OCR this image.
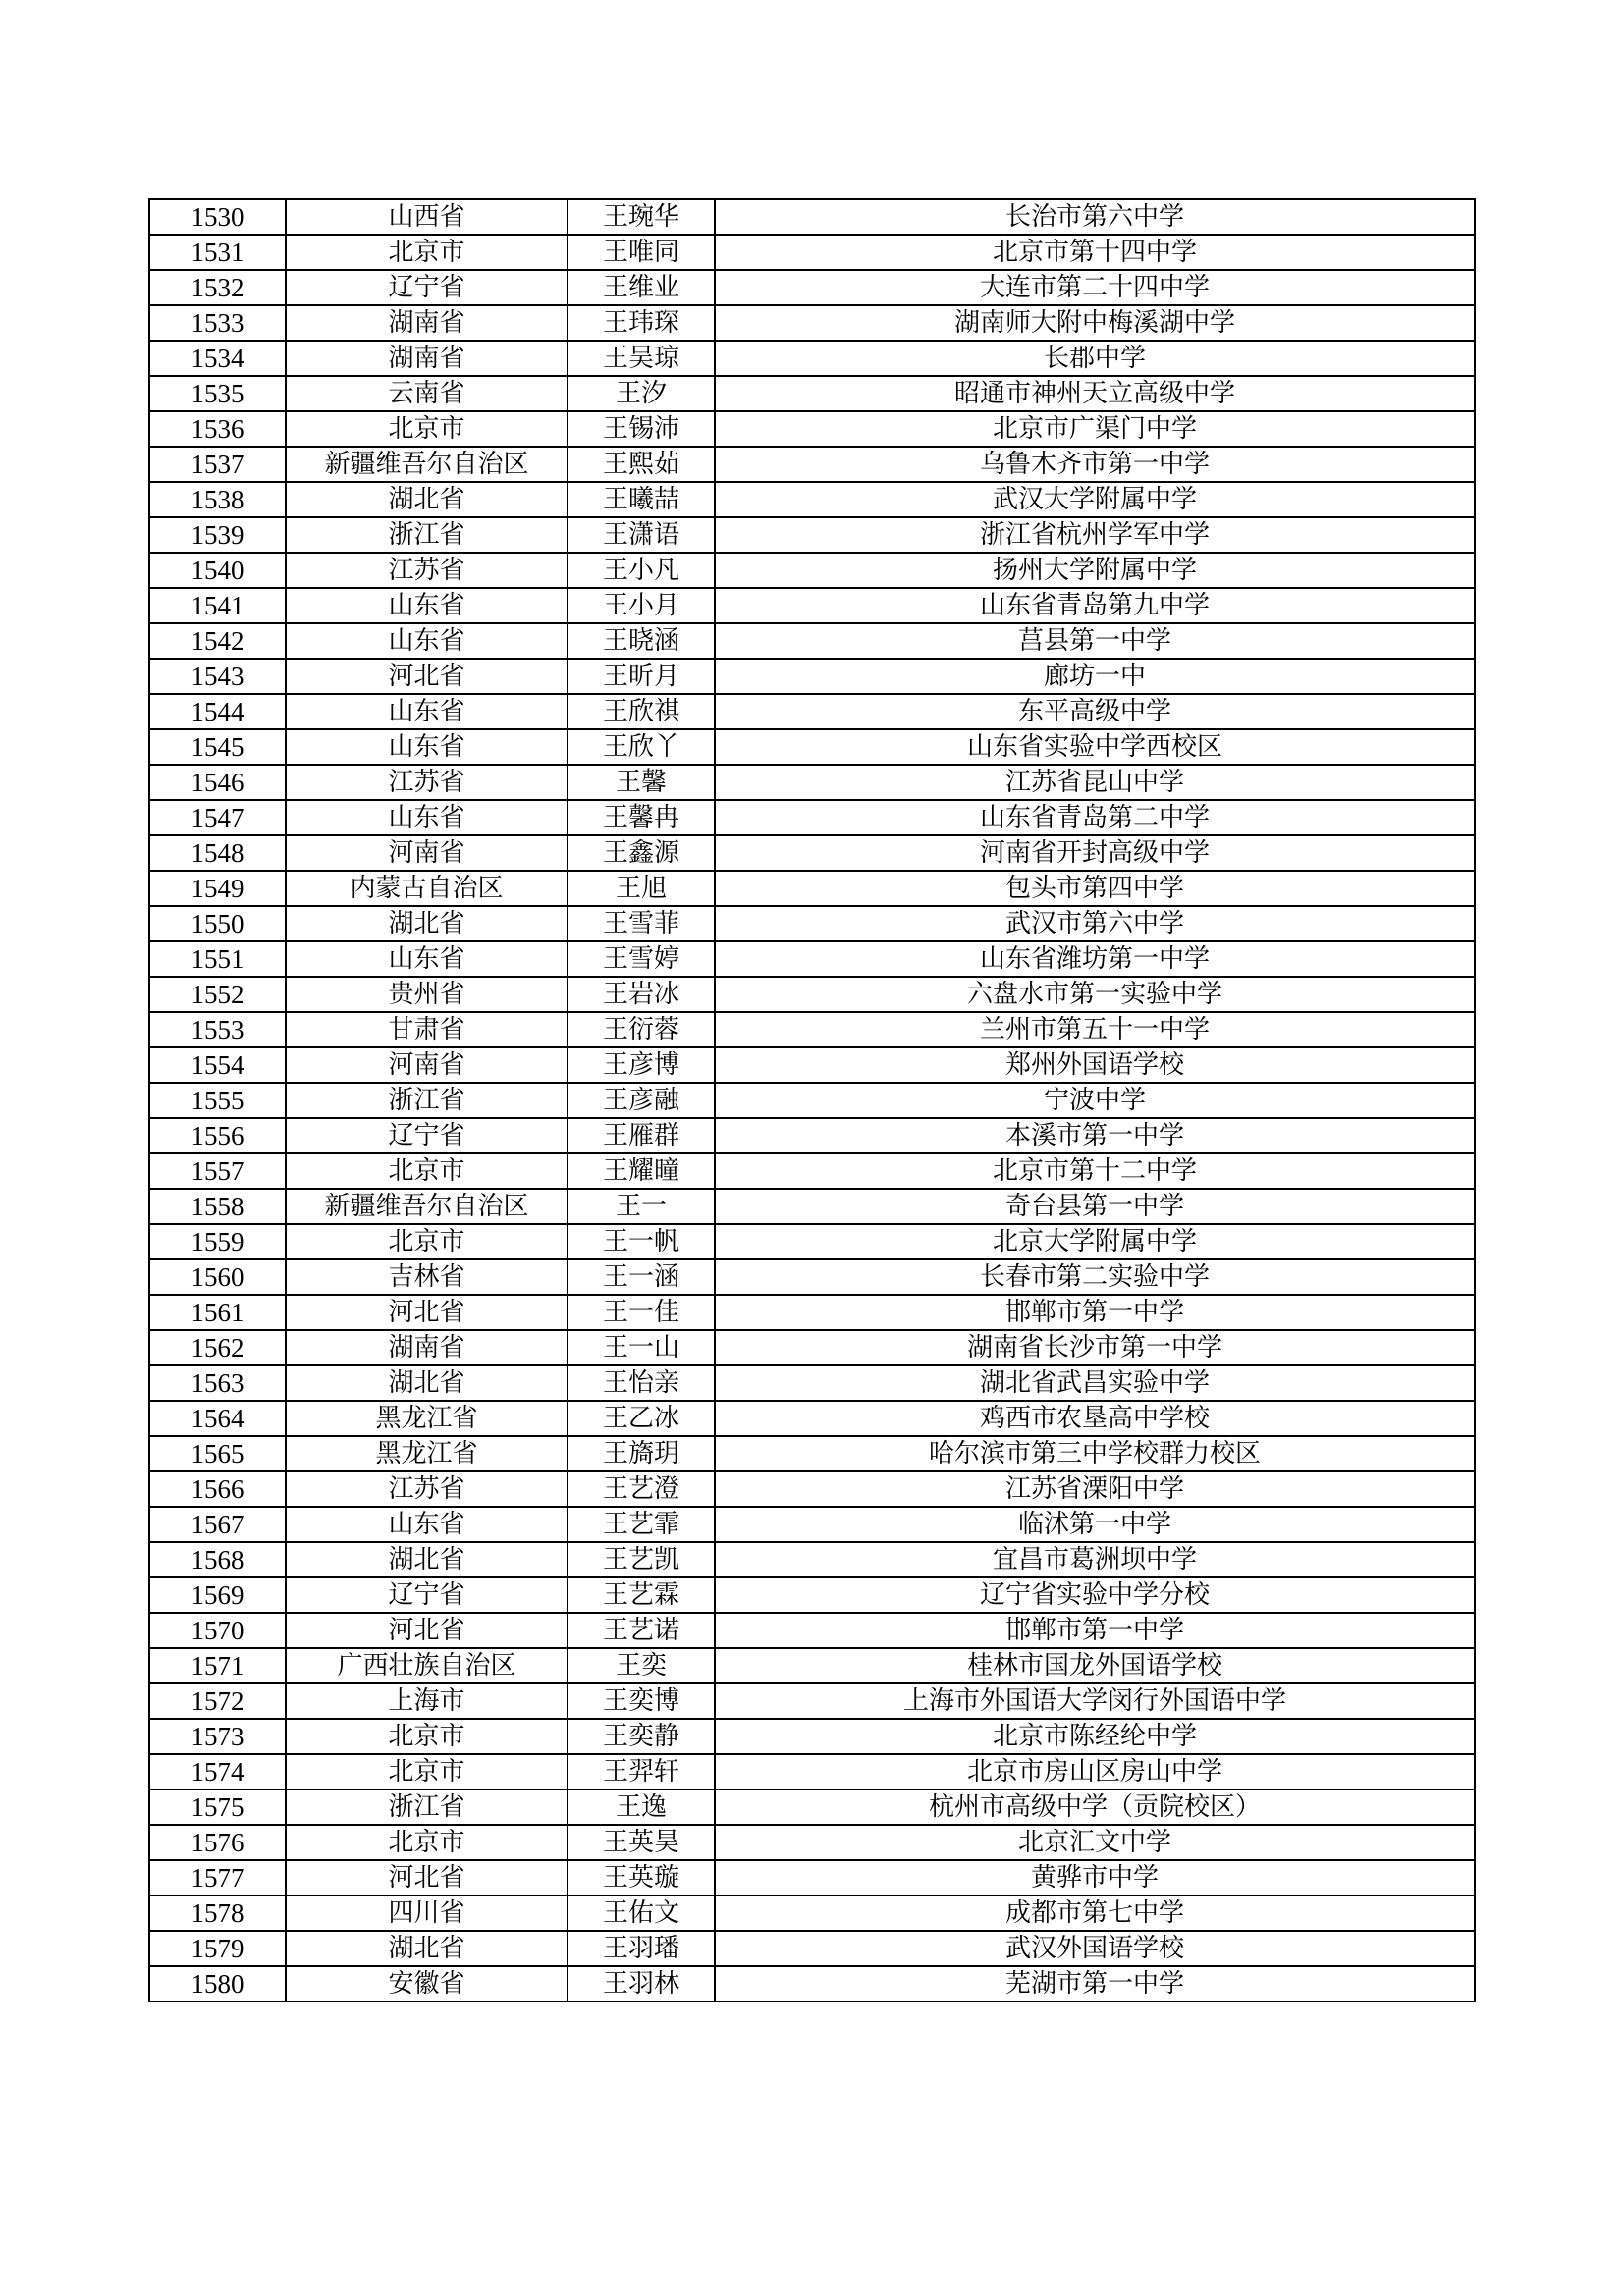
1530	山西省	王琬华	长治市第六中学
1531	北京市	王唯同	北京市第十四中学
1532	辽宁省	王维业	大连市第二十四中学
1533	湖南省	王玮琛	湖南师大附中梅溪湖中学
1534	湖南省	王吴琼	长郡中学
1535	云南省	王汐	昭通市神州天立高级中学
1536	北京市	王锡沛	北京市广渠门中学
1537	新疆维吾尔自治区	王熙茹	乌鲁木齐市第一中学
1538	湖北省	王曦喆	武汉大学附属中学
1539	浙江省	王潇语	浙江省杭州学军中学
1540	江苏省	王小凡	扬州大学附属中学
1541	山东省	王小月	山东省青岛第九中学
1542	山东省	王晓涵	莒县第一中学
1543	河北省	王昕月	廊坊一中
1544	山东省	王欣祺	东平高级中学
1545	山东省	王欣丫	山东省实验中学西校区
1546	江苏省	王馨	江苏省昆山中学
1547	山东省	王馨冉	山东省青岛第二中学
1548	河南省	王鑫源	河南省开封高级中学
1549	内蒙古自治区	王旭	包头市第四中学
1550	湖北省	王雪菲	武汉市第六中学
1551	山东省	王雪婷	山东省潍坊第一中学
1552	贵州省	王岩冰	六盘水市第一实验中学
1553	甘肃省	王衍蓉	兰州市第五十一中学
1554	河南省	王彦博	郑州外国语学校
1555	浙江省	王彦融	宁波中学
1556	辽宁省	王雁群	本溪市第一中学
1557	北京市	王耀曈	北京市第十二中学
1558	新疆维吾尔自治区	王一	奇台县第一中学
1559	北京市	王一帆	北京大学附属中学
1560	吉林省	王一涵	长春市第二实验中学
1561	河北省	王一佳	邯郸市第一中学
1562	湖南省	王一山	湖南省长沙市第一中学
1563	湖北省	王怡亲	湖北省武昌实验中学
1564	黑龙江省	王乙冰	鸡西市农垦高中学校
1565	黑龙江省	王旖玥	哈尔滨市第三中学校群力校区
1566	江苏省	王艺澄	江苏省溧阳中学
1567	山东省	王艺霏	临沭第一中学
1568	湖北省	王艺凯	宜昌市葛洲坝中学
1569	辽宁省	王艺霖	辽宁省实验中学分校
1570	河北省	王艺诺	邯郸市第一中学
1571	广西壮族自治区	王奕	桂林市国龙外国语学校
1572	上海市	王奕博	上海市外国语大学闵行外国语中学
1573	北京市	王奕静	北京市陈经纶中学
1574	北京市	王羿轩	北京市房山区房山中学
1575	浙江省	王逸	杭州市高级中学（贡院校区）
1576	北京市	王英昊	北京汇文中学
1577	河北省	王英璇	黄骅市中学
1578	四川省	王佑文	成都市第七中学
1579	湖北省	王羽璠	武汉外国语学校
1580	安徽省	王羽林	芜湖市第一中学
